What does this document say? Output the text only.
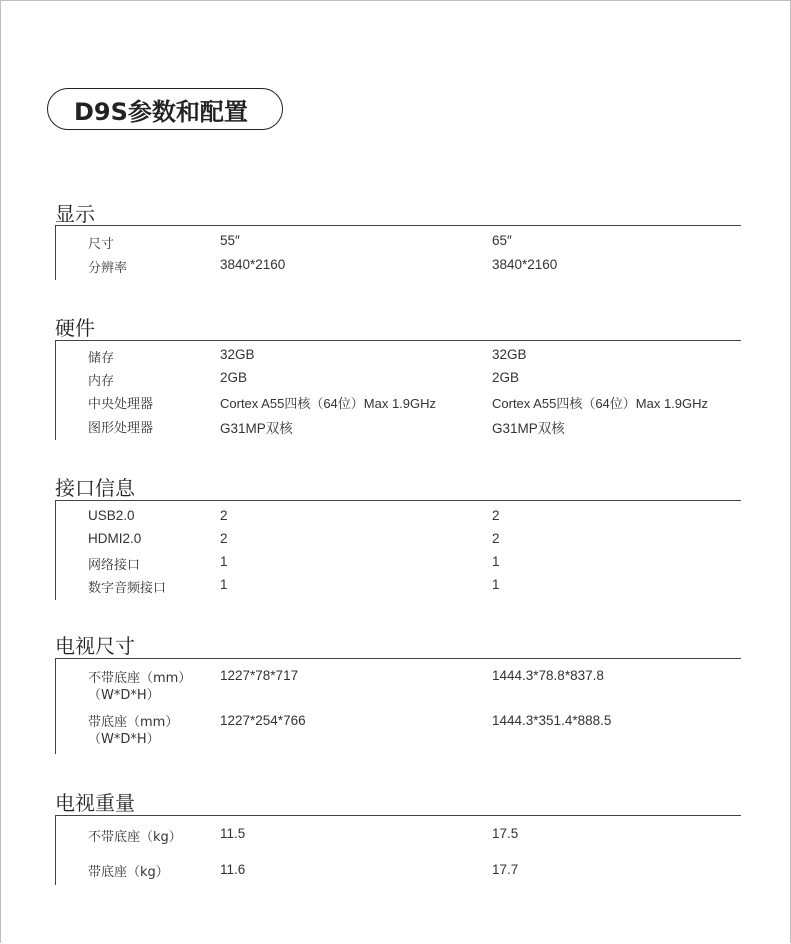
D9S参数和配置
显示
尺寸	55″	65″
分辨率	3840*2160	3840*2160
硬件
储存	32GB	32GB
内存	2GB	2GB
中央处理器	Cortex A55四核（64位）Max 1.9GHz	Cortex A55四核（64位）Max 1.9GHz
图形处理器	G31MP双核	G31MP双核
接口信息
USB2.0	2	2
HDMI2.0	2	2
网络接口	1	1
数字音频接口	1	1
电视尺寸
不带底座（mm）
（W*D*H）
1227*78*717	1444.3*78.8*837.8
带底座（mm）
（W*D*H）
1227*254*766	1444.3*351.4*888.5
电视重量
不带底座（kg）	11.5	17.5
带底座（kg）	11.6	17.7
